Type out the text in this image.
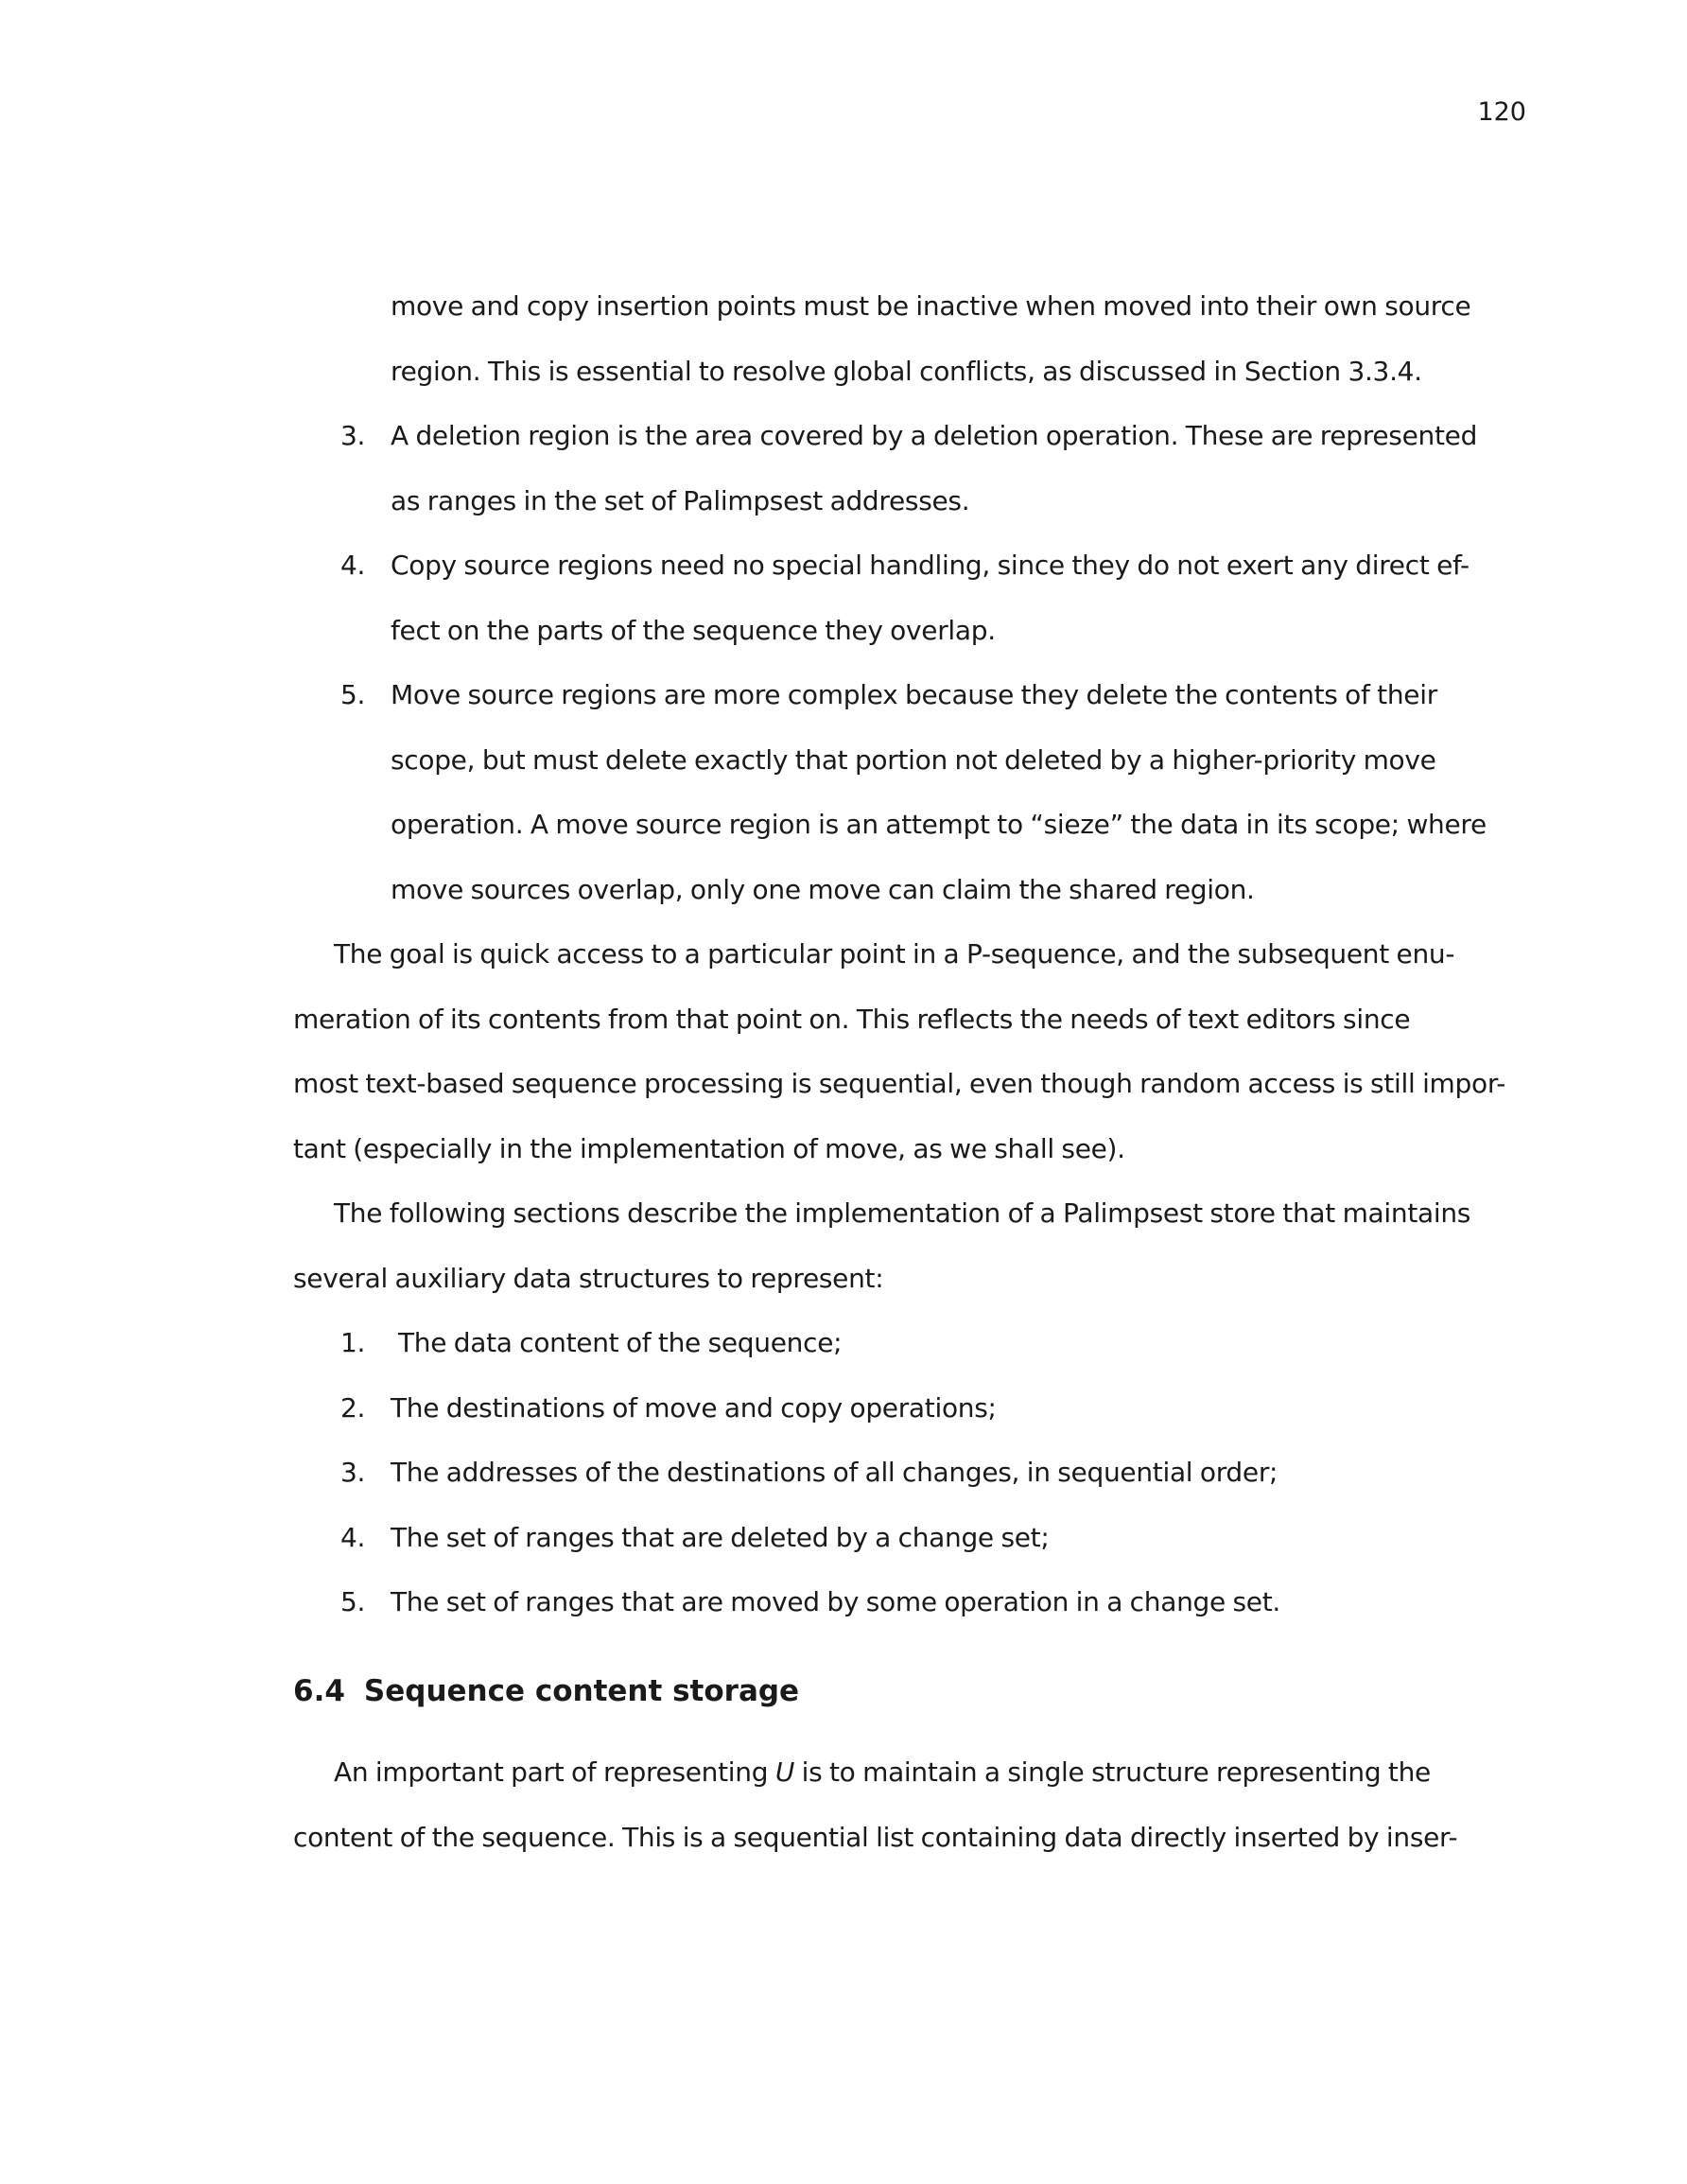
120
move and copy insertion points must be inactive when moved into their own source
region. This is essential to resolve global conflicts, as discussed in Section 3.3.4.
3. A deletion region is the area covered by a deletion operation. These are represented
as ranges in the set of Palimpsest addresses.
4. Copy source regions need no special handling, since they do not exert any direct ef-
fect on the parts of the sequence they overlap.
5. Move source regions are more complex because they delete the contents of their
scope, but must delete exactly that portion not deleted by a higher-priority move
operation. A move source region is an attempt to “sieze” the data in its scope; where
move sources overlap, only one move can claim the shared region.
The goal is quick access to a particular point in a P-sequence, and the subsequent enu-
meration of its contents from that point on. This reflects the needs of text editors since
most text-based sequence processing is sequential, even though random access is still impor-
tant (especially in the implementation of move, as we shall see).
The following sections describe the implementation of a Palimpsest store that maintains
several auxiliary data structures to represent:
1.	The data content of the sequence;
2. The destinations of move and copy operations;
3. The addresses of the destinations of all changes, in sequential order;
4. The set of ranges that are deleted by a change set;
5. The set of ranges that are moved by some operation in a change set.
6.4 Sequence content storage
An important part of representing U is to maintain a single structure representing the
content of the sequence. This is a sequential list containing data directly inserted by inser-
